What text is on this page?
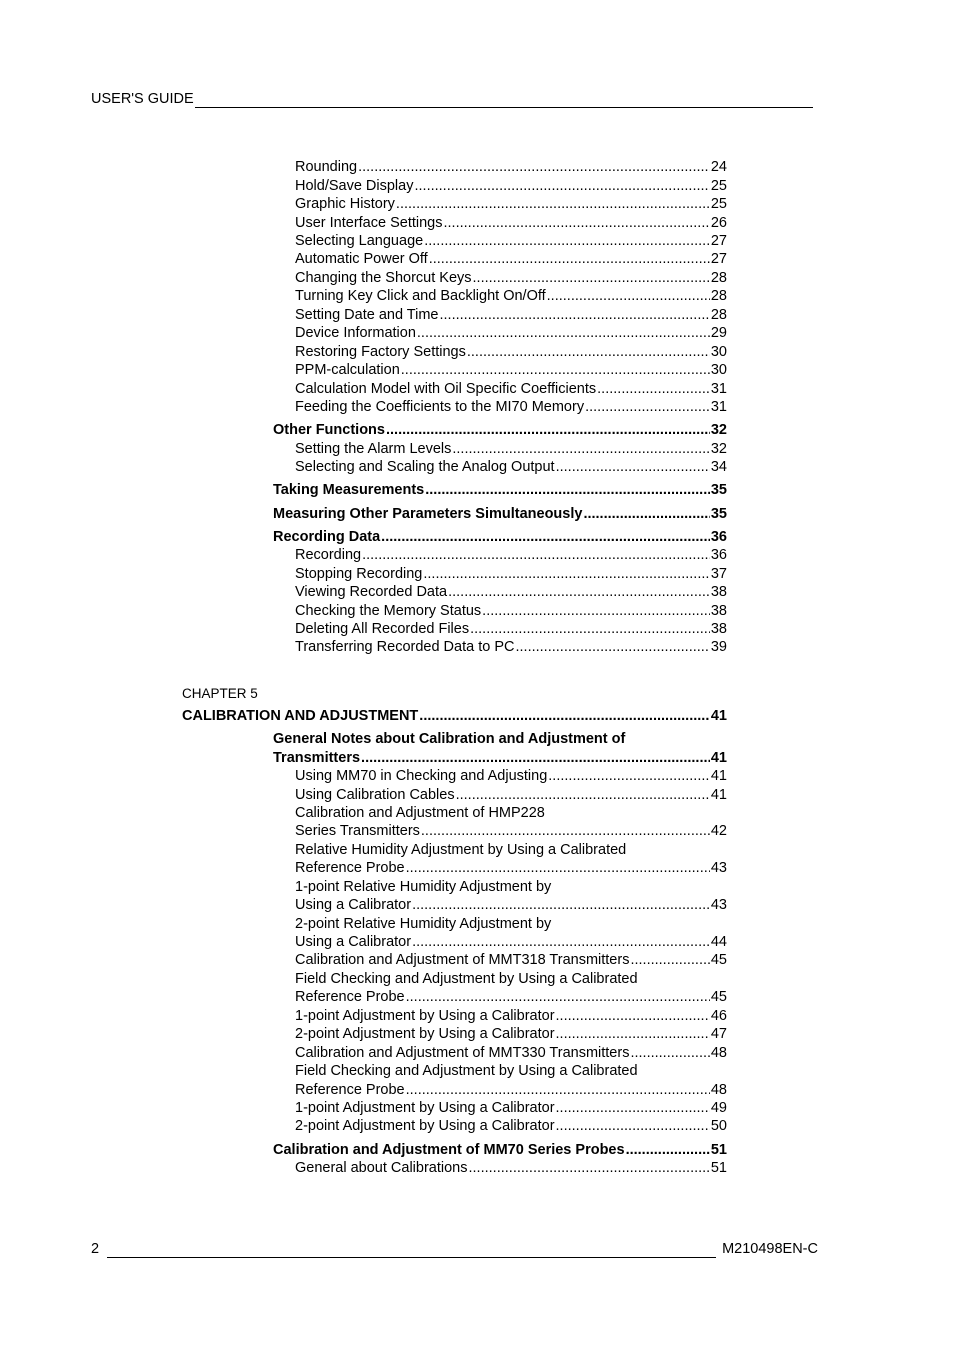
USER'S GUIDE
CHAPTER 5
Rounding .....	24
Hold/Save Display .....	25
Graphic History .....	25
User Interface Settings .....	26
Selecting Language .....	27
Automatic Power Off .....	27
Changing the Shorcut Keys .....	28
Turning Key Click and Backlight On/Off .....	28
Setting Date and Time .....	28
Device Information .....	29
Restoring Factory Settings .....	30
PPM-calculation .....	30
Calculation Model with Oil Specific Coefficients .....	31
Feeding the Coefficients to the MI70 Memory .....	31
Other Functions .....	32
Setting the Alarm Levels .....	32
Selecting and Scaling the Analog Output .....	34
Taking Measurements .....	35
Measuring Other Parameters Simultaneously .....	35
Recording Data .....	36
Recording .....	36
Stopping Recording .....	37
Viewing Recorded Data .....	38
Checking the Memory Status .....	38
Deleting All Recorded Files .....	38
Transferring Recorded Data to PC .....	39
CALIBRATION AND ADJUSTMENT .....	41
General Notes about Calibration and Adjustment of
Transmitters .....	41
Using MM70 in Checking and Adjusting .....	41
Using Calibration Cables .....	41
Calibration and Adjustment of HMP228
Series Transmitters .....	42
Relative Humidity Adjustment by Using a Calibrated
Reference Probe .....	43
1-point Relative Humidity Adjustment by
Using a Calibrator .....	43
2-point Relative Humidity Adjustment by
Using a Calibrator .....	44
Calibration and Adjustment of MMT318 Transmitters .....	45
Field Checking and Adjustment by Using a Calibrated
Reference Probe .....	45
1-point Adjustment by Using a Calibrator .....	46
2-point Adjustment by Using a Calibrator .....	47
Calibration and Adjustment of MMT330 Transmitters .....	48
Field Checking and Adjustment by Using a Calibrated
Reference Probe .....	48
1-point Adjustment by Using a Calibrator .....	49
2-point Adjustment by Using a Calibrator .....	50
Calibration and Adjustment of MM70 Series Probes .....	51
General about Calibrations .....	51
2	M210498EN-C
